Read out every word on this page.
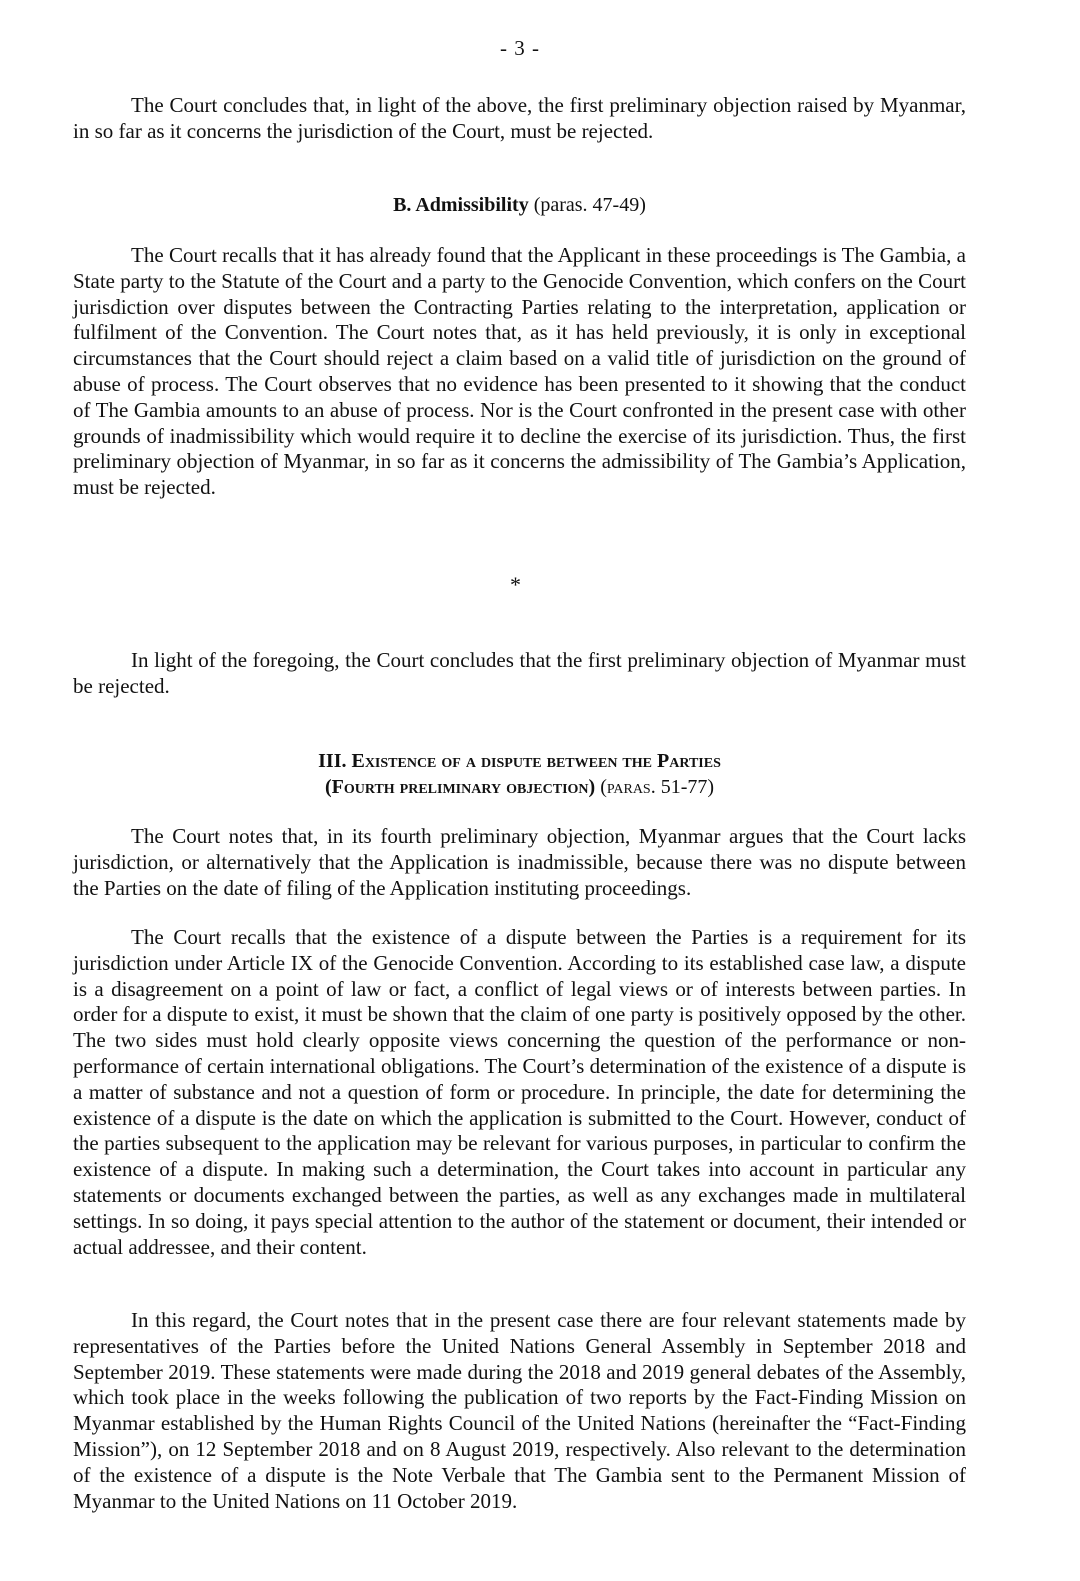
- 3 -

The Court concludes that, in light of the above, the first preliminary objection raised by Myanmar, in so far as it concerns the jurisdiction of the Court, must be rejected.

B. Admissibility (paras. 47-49)

The Court recalls that it has already found that the Applicant in these proceedings is The Gambia, a State party to the Statute of the Court and a party to the Genocide Convention, which confers on the Court jurisdiction over disputes between the Contracting Parties relating to the interpretation, application or fulfilment of the Convention. The Court notes that, as it has held previously, it is only in exceptional circumstances that the Court should reject a claim based on a valid title of jurisdiction on the ground of abuse of process. The Court observes that no evidence has been presented to it showing that the conduct of The Gambia amounts to an abuse of process. Nor is the Court confronted in the present case with other grounds of inadmissibility which would require it to decline the exercise of its jurisdiction. Thus, the first preliminary objection of Myanmar, in so far as it concerns the admissibility of The Gambia’s Application, must be rejected.

*

In light of the foregoing, the Court concludes that the first preliminary objection of Myanmar must be rejected.

III. Existence of a dispute between the Parties
(Fourth preliminary objection) (paras. 51-77)

The Court notes that, in its fourth preliminary objection, Myanmar argues that the Court lacks jurisdiction, or alternatively that the Application is inadmissible, because there was no dispute between the Parties on the date of filing of the Application instituting proceedings.

The Court recalls that the existence of a dispute between the Parties is a requirement for its jurisdiction under Article IX of the Genocide Convention. According to its established case law, a dispute is a disagreement on a point of law or fact, a conflict of legal views or of interests between parties. In order for a dispute to exist, it must be shown that the claim of one party is positively opposed by the other. The two sides must hold clearly opposite views concerning the question of the performance or non-performance of certain international obligations. The Court’s determination of the existence of a dispute is a matter of substance and not a question of form or procedure. In principle, the date for determining the existence of a dispute is the date on which the application is submitted to the Court. However, conduct of the parties subsequent to the application may be relevant for various purposes, in particular to confirm the existence of a dispute. In making such a determination, the Court takes into account in particular any statements or documents exchanged between the parties, as well as any exchanges made in multilateral settings. In so doing, it pays special attention to the author of the statement or document, their intended or actual addressee, and their content.

In this regard, the Court notes that in the present case there are four relevant statements made by representatives of the Parties before the United Nations General Assembly in September 2018 and September 2019. These statements were made during the 2018 and 2019 general debates of the Assembly, which took place in the weeks following the publication of two reports by the Fact-Finding Mission on Myanmar established by the Human Rights Council of the United Nations (hereinafter the “Fact-Finding Mission”), on 12 September 2018 and on 8 August 2019, respectively. Also relevant to the determination of the existence of a dispute is the Note Verbale that The Gambia sent to the Permanent Mission of Myanmar to the United Nations on 11 October 2019.
